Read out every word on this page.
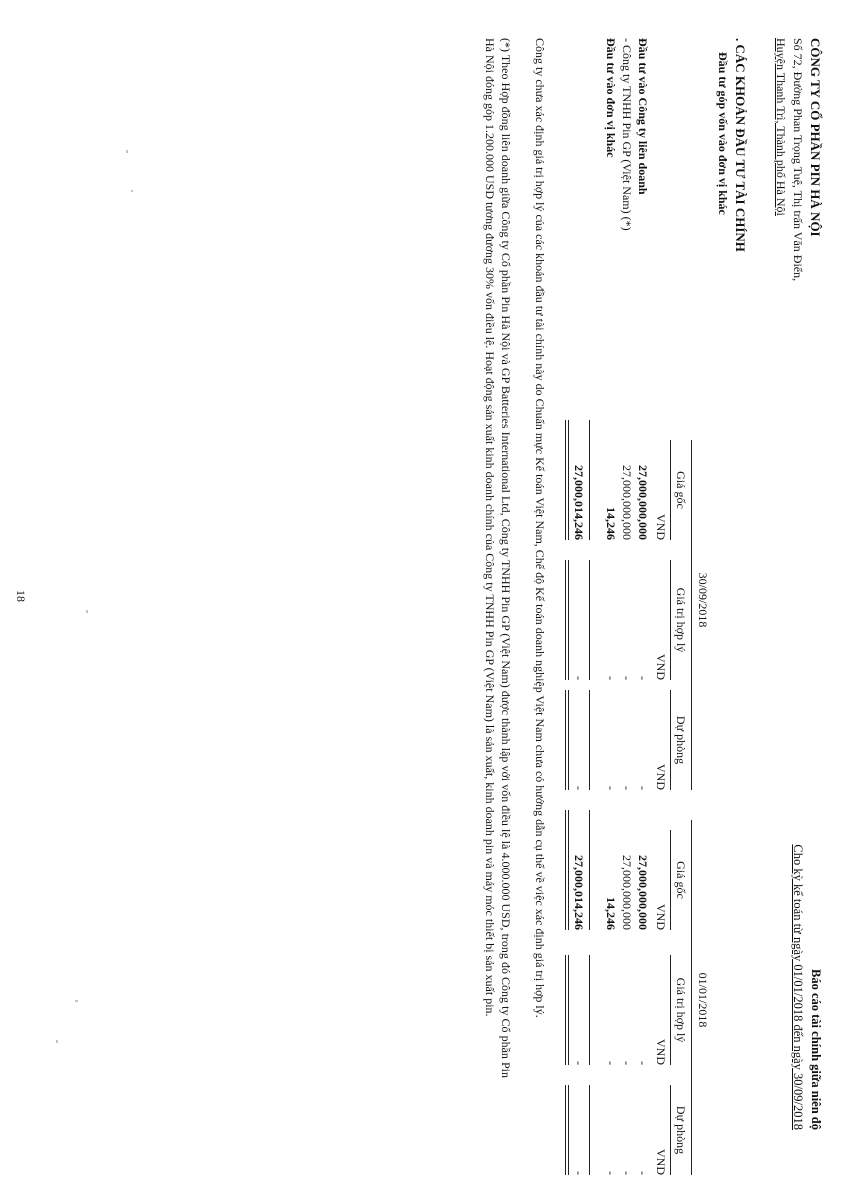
CÔNG TY CỔ PHẦN PIN HÀ NỘI
Số 72, Đường Phan Trọng Tuệ, Thị trấn Văn Điển,
Huyện Thanh Trì, Thành phố Hà Nội
Báo cáo tài chính giữa niên độ
Cho kỳ kế toán từ ngày 01/01/2018 đến ngày 30/09/2018
. CÁC KHOẢN ĐẦU TƯ TÀI CHÍNH
Đầu tư góp vốn vào đơn vị khác
30/09/2018
01/01/2018
Giá gốc
Giá trị hợp lý
Dự phòng
Giá gốc
Giá trị hợp lý
Dự phòng
VND
VND
VND
VND
VND
VND
Đầu tư vào Công ty liên doanh
27,000,000,000
-
-
27,000,000,000
-
-
- Công ty TNHH Pin GP (Việt Nam) (*)
27,000,000,000
-
-
27,000,000,000
-
-
Đầu tư vào đơn vị khác
14,246
-
-
14,246
-
-
27,000,014,246
-
-
27,000,014,246
-
-
Công ty chưa xác định giá trị hợp lý của các khoản đầu tư tài chính này do Chuẩn mực Kế toán Việt Nam, Chế độ Kế toán doanh nghiệp Việt Nam chưa có hướng dẫn cụ thể về việc xác định giá trị hợp lý.
(*) Theo Hợp đồng liên doanh giữa Công ty Cổ phần Pin Hà Nội và GP Batteries International Ltd, Công ty TNHH Pin GP (Việt Nam) được thành lập với vốn điều lệ là 4.000.000 USD, trong đó Công ty Cổ phần Pin Hà Nội đóng góp 1.200.000 USD tương đương 30% vốn điều lệ. Hoạt động sản xuất kinh doanh chính của Công ty TNHH Pin GP (Việt Nam) là sản xuất, kinh doanh pin và máy móc thiết bị sản xuất pin.
18
